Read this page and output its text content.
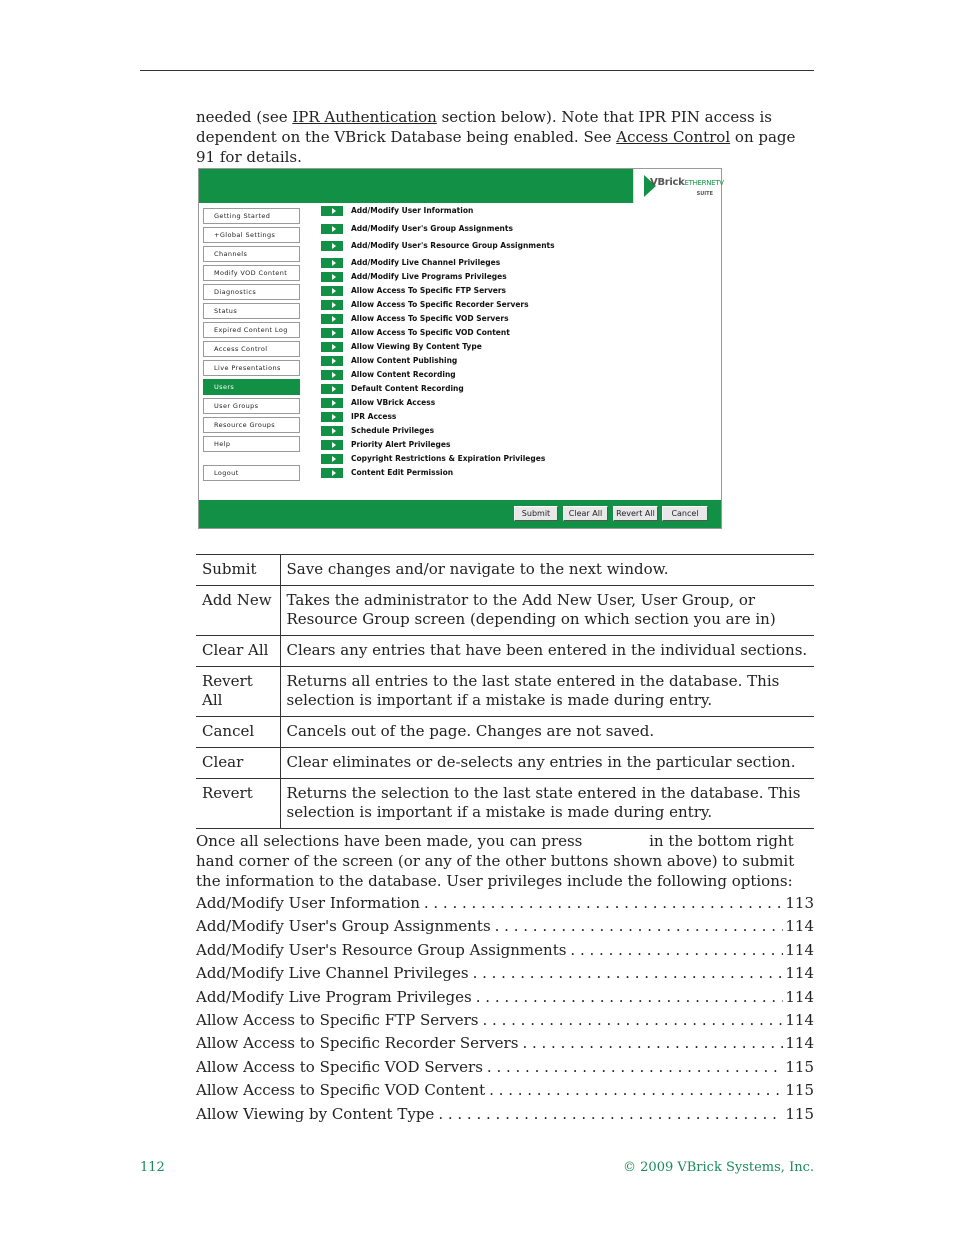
needed (see IPR Authentication section below). Note that IPR PIN access is dependent on the VBrick Database being enabled. See Access Control on page 91 for details.

VBrickETHERNETV
SUITE
Getting Started
+Global Settings
Channels
Modify VOD Content
Diagnostics
Status
Expired Content Log
Access Control
Live Presentations
Users
User Groups
Resource Groups
Help
Logout
Add/Modify User Information
Add/Modify User's Group Assignments
Add/Modify User's Resource Group Assignments
Add/Modify Live Channel Privileges
Add/Modify Live Programs Privileges
Allow Access To Specific FTP Servers
Allow Access To Specific Recorder Servers
Allow Access To Specific VOD Servers
Allow Access To Specific VOD Content
Allow Viewing By Content Type
Allow Content Publishing
Allow Content Recording
Default Content Recording
Allow VBrick Access
IPR Access
Schedule Privileges
Priority Alert Privileges
Copyright Restrictions & Expiration Privileges
Content Edit Permission
Submit	Clear All	Revert All	Cancel
Submit	Save changes and/or navigate to the next window.
Add New	Takes the administrator to the Add New User, User Group, or Resource Group screen (depending on which section you are in)
Clear All	Clears any entries that have been entered in the individual sections.
Revert All	Returns all entries to the last state entered in the database. This selection is important if a mistake is made during entry.
Cancel	Cancels out of the page. Changes are not saved.
Clear	Clear eliminates or de-selects any entries in the particular section.
Revert	Returns the selection to the last state entered in the database. This selection is important if a mistake is made during entry.

Once all selections have been made, you can press              in the bottom right hand corner of the screen (or any of the other buttons shown above) to submit the information to the database. User privileges include the following options:

Add/Modify User Information . . .	113
Add/Modify User's Group Assignments . . .	114
Add/Modify User's Resource Group Assignments . . .	114
Add/Modify Live Channel Privileges . . .	114
Add/Modify Live Program Privileges . . .	114
Allow Access to Specific FTP Servers . . .	114
Allow Access to Specific Recorder Servers . . .	114
Allow Access to Specific VOD Servers . . .	115
Allow Access to Specific VOD Content . . .	115
Allow Viewing by Content Type . . .	115
112	© 2009 VBrick Systems, Inc.
